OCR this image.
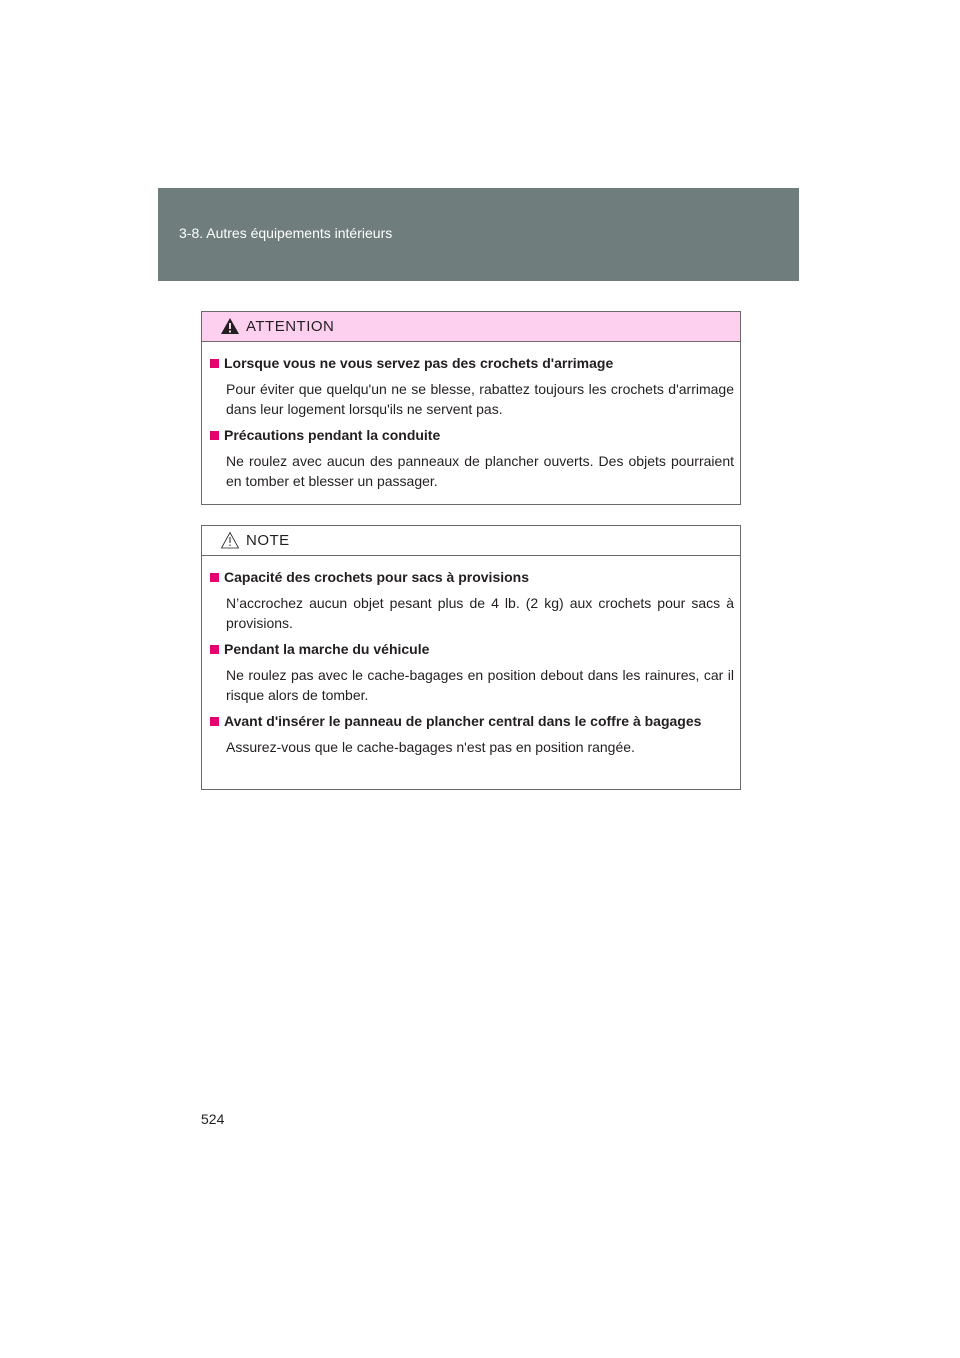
3-8. Autres équipements intérieurs
ATTENTION

Lorsque vous ne vous servez pas des crochets d'arrimage

Pour éviter que quelqu'un ne se blesse, rabattez toujours les crochets d'arrimage dans leur logement lorsqu'ils ne servent pas.

Précautions pendant la conduite

Ne roulez avec aucun des panneaux de plancher ouverts. Des objets pourraient en tomber et blesser un passager.

NOTE

Capacité des crochets pour sacs à provisions

N’accrochez aucun objet pesant plus de 4 lb. (2 kg) aux crochets pour sacs à provisions.

Pendant la marche du véhicule

Ne roulez pas avec le cache-bagages en position debout dans les rainures, car il risque alors de tomber.

Avant d'insérer le panneau de plancher central dans le coffre à bagages

Assurez-vous que le cache-bagages n'est pas en position rangée.

524
